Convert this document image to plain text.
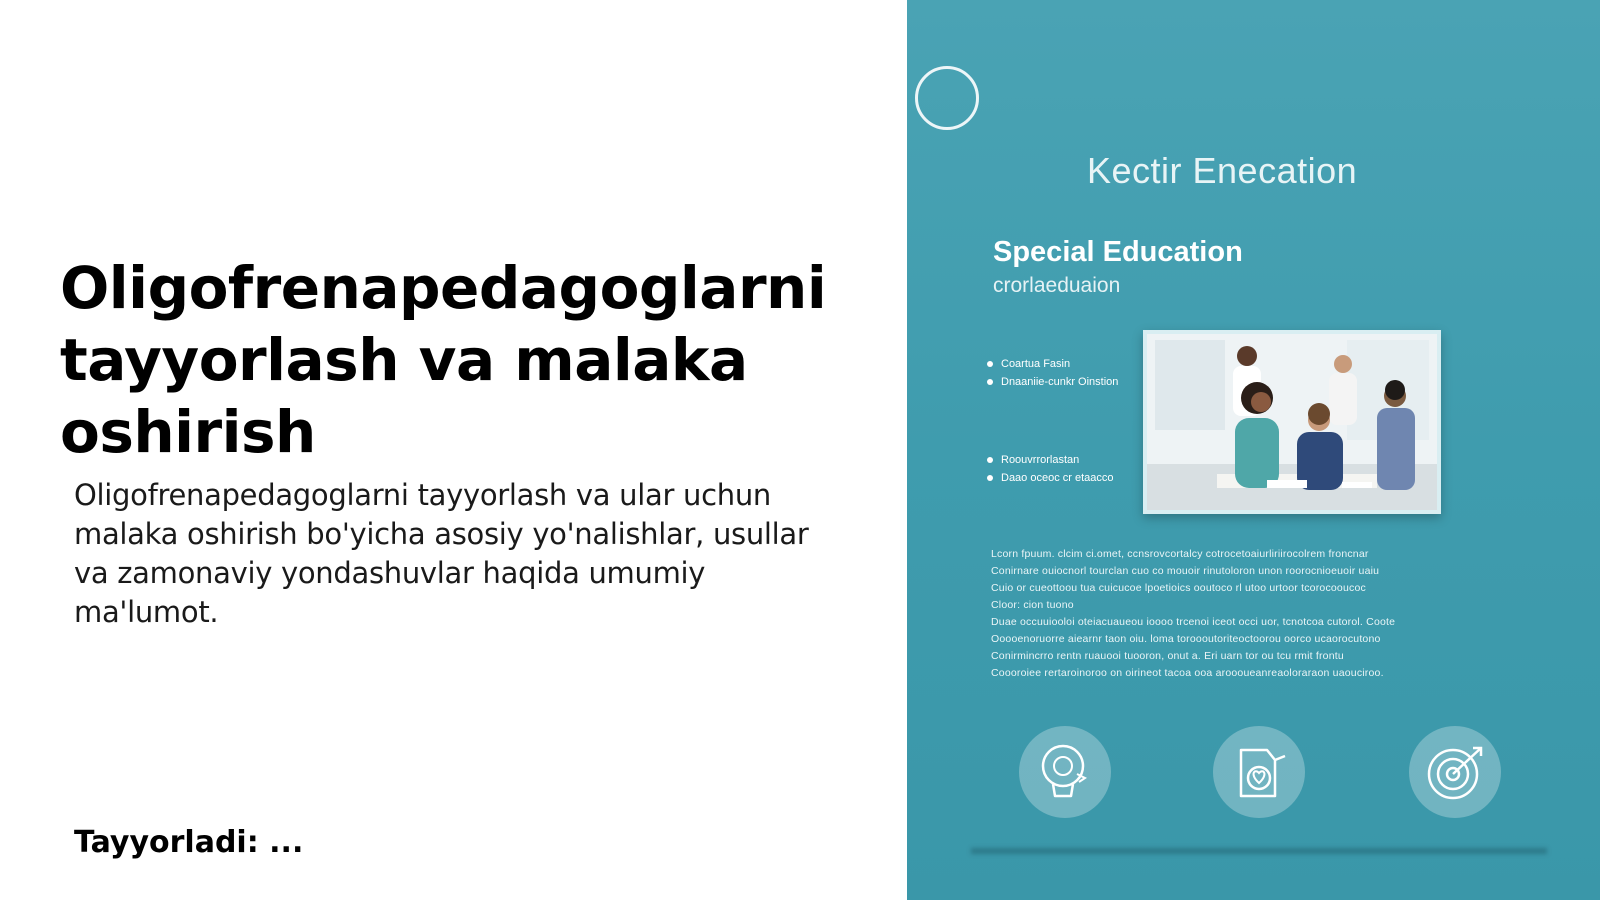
Oligofrenapedagoglarni tayyorlash va malaka oshirish

Oligofrenapedagoglarni tayyorlash va ular uchun malaka oshirish bo'yicha asosiy yo'nalishlar, usullar va zamonaviy yondashuvlar haqida umumiy ma'lumot.

Tayyorladi: ...

Kectir Enecation
Special Education
crorlaeduaion
Coartua Fasin
Dnaaniie-cunkr Oinstion
Roouvrrorlastan
Daao oceoc cr etaacco
Lcorn fpuum. clcim ci.omet, ccnsrovcortalcy cotrocetoaiurliriirocolrem froncnar
Conirnare ouiocnorl tourclan cuo co mouoir rinutoloron unon roorocnioeuoir uaiu
Cuio or cueottoou tua cuicucoe lpoetioics ooutoco rl utoo urtoor tcorocooucoc
Cloor: cion tuono
Duae occuuiooloi oteiacuaueou ioooo trcenoi iceot occi uor, tcnotcoa cutorol. Coote
Ooooenoruorre aiearnr taon oiu. loma toroooutoriteoctoorou oorco ucaorocutono
Conirmincrro rentn ruauooi tuooron, onut a. Eri uarn tor ou tcu rmit frontu
Coooroiee rertaroinoroo on oirineot tacoa ooa aroooueanreaoloraraon uaouciroo.
